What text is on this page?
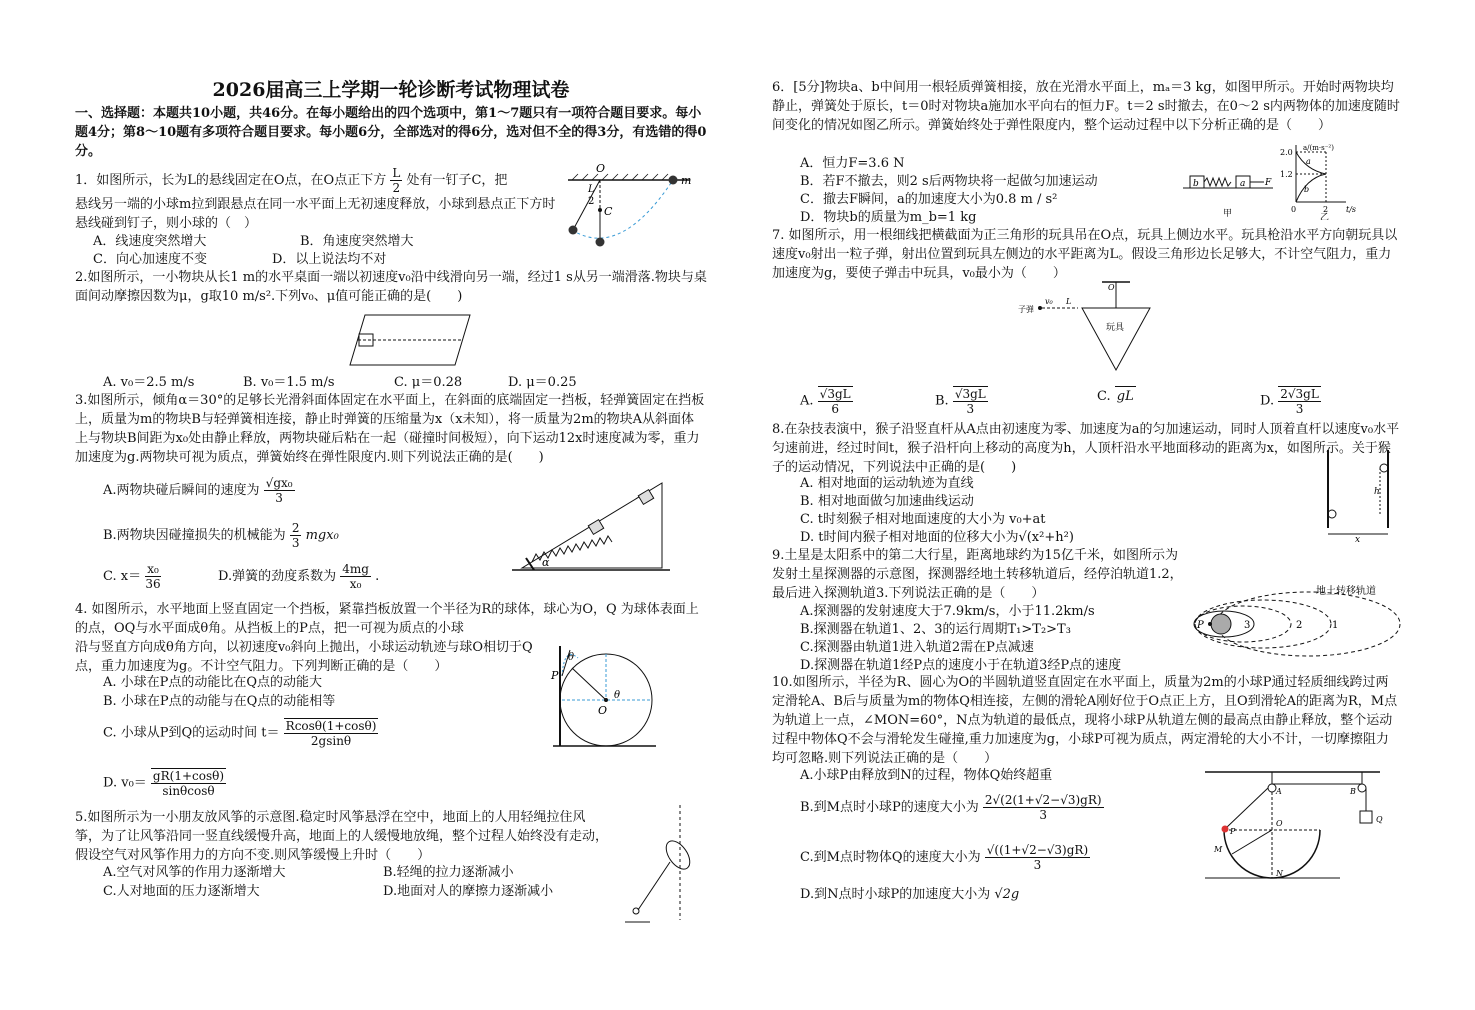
2026届高三上学期一轮诊断考试物理试卷

一、选择题：本题共10小题，共46分。在每小题给出的四个选项中，第1～7题只有一项符合题目要求。每小题4分；第8～10题有多项符合题目要求。每小题6分，全部选对的得6分，选对但不全的得3分，有选错的得0分。

1．如图所示，长为L的悬线固定在O点，在O点正下方 $\frac{L}{2}$ 处有一钉子C，把

悬线另一端的小球m拉到跟悬点在同一水平面上无初速度释放，小球到悬点正下方时悬线碰到钉子，则小球的（　）

A．线速度突然增大	B．角速度突然增大
C．向心加速度不变	D．以上说法均不对
O
m
L
2
C

2.如图所示，一小物块从长1 m的水平桌面一端以初速度v₀沿中线滑向另一端，经过1 s从另一端滑落.物块与桌面间动摩擦因数为μ，g取10 m/s².下列v₀、μ值可能正确的是(　　)

A. v₀＝2.5 m/s	B. v₀＝1.5 m/s	C. μ＝0.28	D. μ＝0.25

3.如图所示，倾角α＝30°的足够长光滑斜面体固定在水平面上，在斜面的底端固定一挡板，轻弹簧固定在挡板上，质量为m的物块B与轻弹簧相连接，静止时弹簧的压缩量为x（x未知），将一质量为2m的物块A从斜面体上与物块B间距为x₀处由静止释放，两物块碰后粘在一起（碰撞时间极短），向下运动12x时速度减为零，重力加速度为g.两物块可视为质点，弹簧始终在弹性限度内.则下列说法正确的是(　　)

A.两物块碰后瞬间的速度为 $\frac{\text{√gx₀}}{3}$
B.两物块因碰撞损失的机械能为 $\frac{2}{3} mgx_0$
C. $x= \frac{\text{x₀}}{36}$	D.弹簧的劲度系数为 $\frac{4mg}{\text{x₀}}$ .
α

4. 如图所示，水平地面上竖直固定一个挡板，紧靠挡板放置一个半径为R的球体，球心为O，Q 为球体表面上的点，OQ与水平面成θ角。从挡板上的P点，把一可视为质点的小球

沿与竖直方向成θ角方向，以初速度v₀斜向上抛出，小球运动轨迹与球O相切于Q点，重力加速度为g。不计空气阻力。下列判断正确的是（　　）

A. 小球在P点的动能比在Q点的动能大
B. 小球在P点的动能与在Q点的动能相等
C. 小球从P到Q的运动时间 $t= \frac{Rcos\theta(1+\cos\theta)}{2gsin\theta}$
D. $v_0= \frac{gR(1+\cos\theta)}{\sin\theta\cos\theta}$
P
O
θ
θ

5.如图所示为一小朋友放风筝的示意图.稳定时风筝悬浮在空中，地面上的人用轻绳拉住风筝，为了让风筝沿同一竖直线缓慢升高，地面上的人缓慢地放绳，整个过程人始终没有走动，假设空气对风筝作用力的方向不变.则风筝缓慢上升时（　　）

A.空气对风筝的作用力逐渐增大	B.轻绳的拉力逐渐减小
C.人对地面的压力逐渐增大	D.地面对人的摩擦力逐渐减小

6．[5分]物块a、b中间用一根轻质弹簧相接，放在光滑水平面上，mₐ＝3 kg，如图甲所示。开始时两物块均静止，弹簧处于原长，t＝0时对物块a施加水平向右的恒力F。t＝2 s时撤去，在0～2 s内两物体的加速度随时间变化的情况如图乙所示。弹簧始终处于弹性限度内，整个运动过程中以下分析正确的是（　　）

A．恒力F=3.6 N
B．若F不撤去，则2 s后两物块将一起做匀加速运动
C．撤去F瞬间，a的加速度大小为0.8 m / s²
D．物块b的质量为m_b=1 kg
b	a F
甲
a/(m·s⁻²)
2.0
1.2
0	2 t/s
a
b
乙

7. 如图所示，用一根细线把横截面为正三角形的玩具吊在O点，玩具上侧边水平。玩具枪沿水平方向朝玩具以速度v₀射出一粒子弹，射出位置到玩具左侧边的水平距离为L。假设三角形边长足够大，不计空气阻力，重力加速度为g，要使子弹击中玩具，v₀最小为（　　）

子弹
v₀ L
O
玩具
A. $\frac{√3gL}{6}$	B. $\frac{√3gL}{3}$	C. gL	D. $\frac{2√3gL}{3}$

8.在杂技表演中，猴子沿竖直杆从A点由初速度为零、加速度为a的匀加速运动，同时人顶着直杆以速度v₀水平匀速前进，经过时间t，猴子沿杆向上移动的高度为h，人顶杆沿水平地面移动的距离为x，如图所示。关于猴子的运动情况，下列说法中正确的是(　　)

A. 相对地面的运动轨迹为直线
B. 相对地面做匀加速曲线运动
C. t时刻猴子相对地面速度的大小为 v₀+at
D. t时间内猴子相对地面的位移大小为√(x²+h²)
h
x

9.土星是太阳系中的第二大行星，距离地球约为15亿千米，如图所示为发射土星探测器的示意图，探测器经地土转移轨道后，经停泊轨道1.2，最后进入探测轨道3.下列说法正确的是（　　）

A.探测器的发射速度大于7.9km/s，小于11.2km/s
B.探测器在轨道1、2、3的运行周期T₁>T₂>T₃
C.探测器由轨道1进入轨道2需在P点减速
D.探测器在轨道1经P点的速度小于在轨道3经P点的速度
P	3	2	1
地土转移轨道

10.如图所示，半径为R、圆心为O的半圆轨道竖直固定在水平面上，质量为2m的小球P通过轻质细线跨过两定滑轮A、B后与质量为m的物体Q相连接，左侧的滑轮A刚好位于O点正上方，且O到滑轮A的距离为R，M点为轨道上一点，∠MON=60°，N点为轨道的最低点，现将小球P从轨道左侧的最高点由静止释放，整个运动过程中物体Q不会与滑轮发生碰撞,重力加速度为g，小球P可视为质点，两定滑轮的大小不计，一切摩擦阻力均可忽略.则下列说法正确的是（　　）

A.小球P由释放到N的过程，物体Q始终超重
B.到M点时小球P的速度大小为 $\frac{2√(2(1+√2-√3)gR)}{3}$
C.到M点时物体Q的速度大小为 $\frac{√((1+√2-√3)gR)}{3}$
D.到N点时小球P的加速度大小为 √2g
A	B
O
P
M
N
Q
